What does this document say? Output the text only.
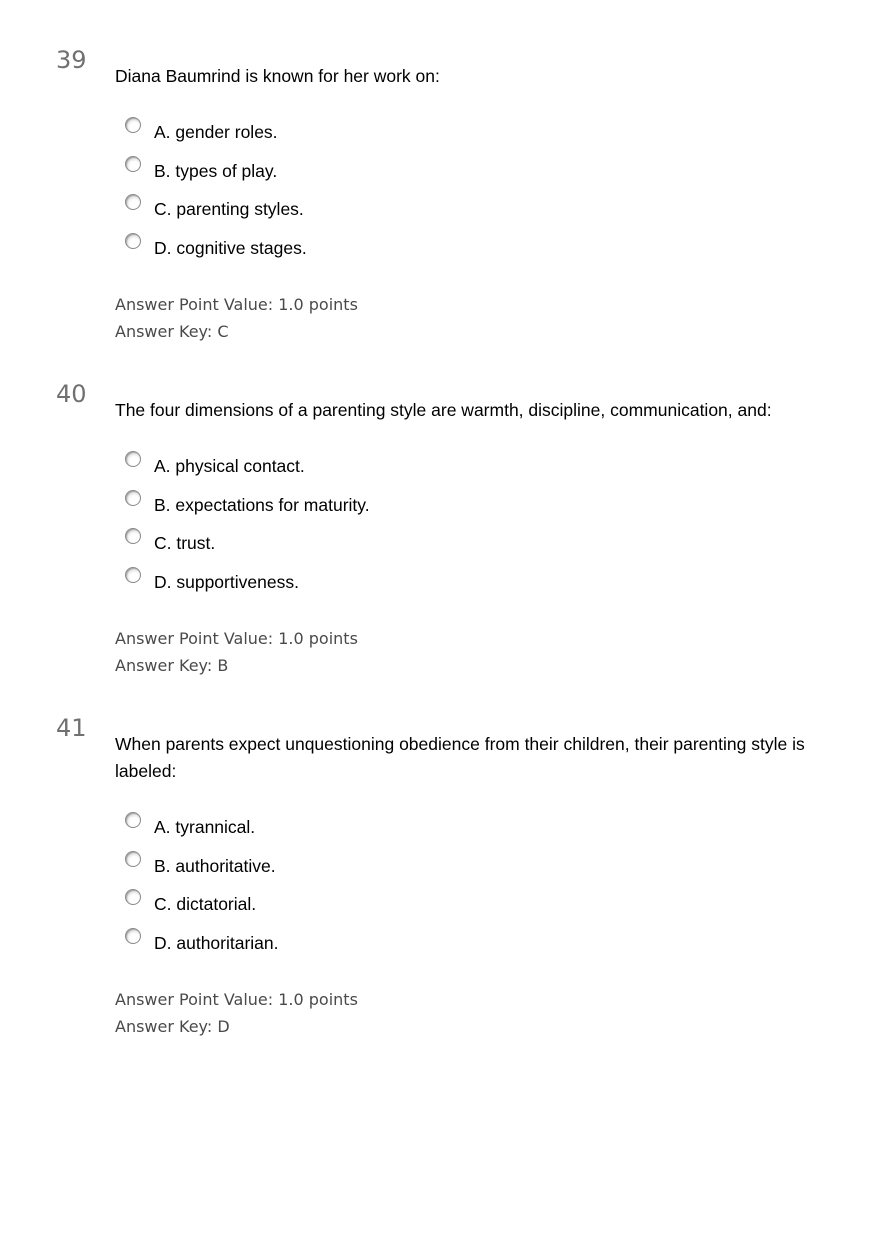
39
Diana Baumrind is known for her work on:
A. gender roles.
B. types of play.
C. parenting styles.
D. cognitive stages.
Answer Point Value: 1.0 points
Answer Key: C
40
The four dimensions of a parenting style are warmth, discipline, communication, and:
A. physical contact.
B. expectations for maturity.
C. trust.
D. supportiveness.
Answer Point Value: 1.0 points
Answer Key: B
41
When parents expect unquestioning obedience from their children, their parenting style is labeled:
A. tyrannical.
B. authoritative.
C. dictatorial.
D. authoritarian.
Answer Point Value: 1.0 points
Answer Key: D
